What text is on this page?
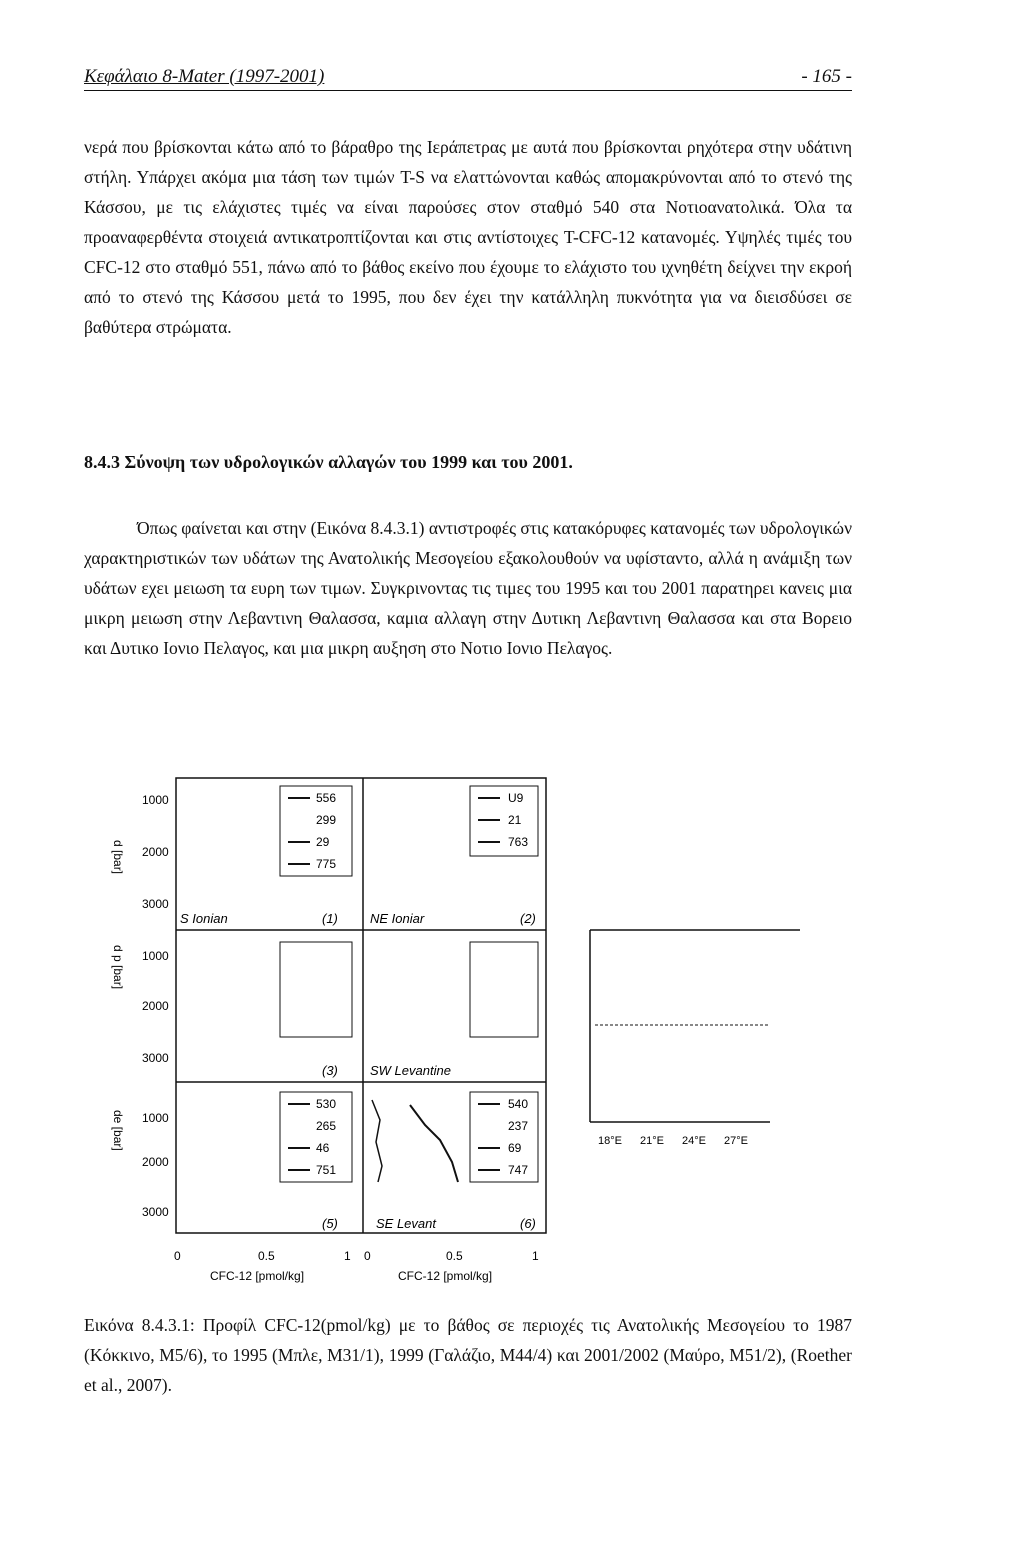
Κεφάλαιο 8-Mater (1997-2001)	- 165 -

νερά που βρίσκονται κάτω από το βάραθρο της Ιεράπετρας με αυτά που βρίσκονται ρηχότερα στην υδάτινη στήλη. Υπάρχει ακόμα μια τάση των τιμών T-S να ελαττώνονται καθώς απομακρύνονται από το στενό της Κάσσου, με τις ελάχιστες τιμές να είναι παρούσες στον σταθμό 540 στα Νοτιοανατολικά. Όλα τα προαναφερθέντα στοιχειά αντικατροπτίζονται και στις αντίστοιχες T-CFC-12 κατανομές. Υψηλές τιμές του CFC-12 στο σταθμό 551, πάνω από το βάθος εκείνο που έχουμε το ελάχιστο του ιχνηθέτη δείχνει την εκροή από το στενό της Κάσσου μετά το 1995, που δεν έχει την κατάλληλη πυκνότητα για να διεισδύσει σε βαθύτερα στρώματα.

8.4.3 Σύνοψη των υδρολογικών αλλαγών του 1999 και του 2001.

Όπως φαίνεται και στην (Εικόνα 8.4.3.1) αντιστροφές στις κατακόρυφες κατανομές των υδρολογικών χαρακτηριστικών των υδάτων της Ανατολικής Μεσογείου εξακολουθούν να υφίσταντο, αλλά η ανάμιξη των υδάτων εχει μειωση τα ευρη των τιμων. Συγκρινοντας τις τιμες του 1995 και του 2001 παρατηρει κανεις μια μικρη μειωση στην Λεβαντινη Θαλασσα, καμια αλλαγη στην Δυτικη Λεβαντινη Θαλασσα και στα Βορειο και Δυτικο Ιονιο Πελαγος, και μια μικρη αυξηση στο Νοτιο Ιονιο Πελαγος.

d [bar]
d p [bar]
de [bar]
1000
2000
3000
1000
2000
3000
1000
2000
3000
556
299
29
775
U9
21
763
S Ionian	(1) NE Ioniar	(2)
(3) SW Levantine
530
265
46
751
540
237
69
747
(5)	SE Levant	(6)
0	0.5	1 0	0.5	1
CFC-12 [pmol/kg]	CFC-12 [pmol/kg]
18°E 21°E 24°E 27°E

Εικόνα 8.4.3.1: Προφίλ CFC-12(pmol/kg) με το βάθος σε περιοχές τις Ανατολικής Μεσογείου το 1987 (Κόκκινο, M5/6), το 1995 (Μπλε, M31/1), 1999 (Γαλάζιο, M44/4) και 2001/2002 (Μαύρο, M51/2), (Roether et al., 2007).
